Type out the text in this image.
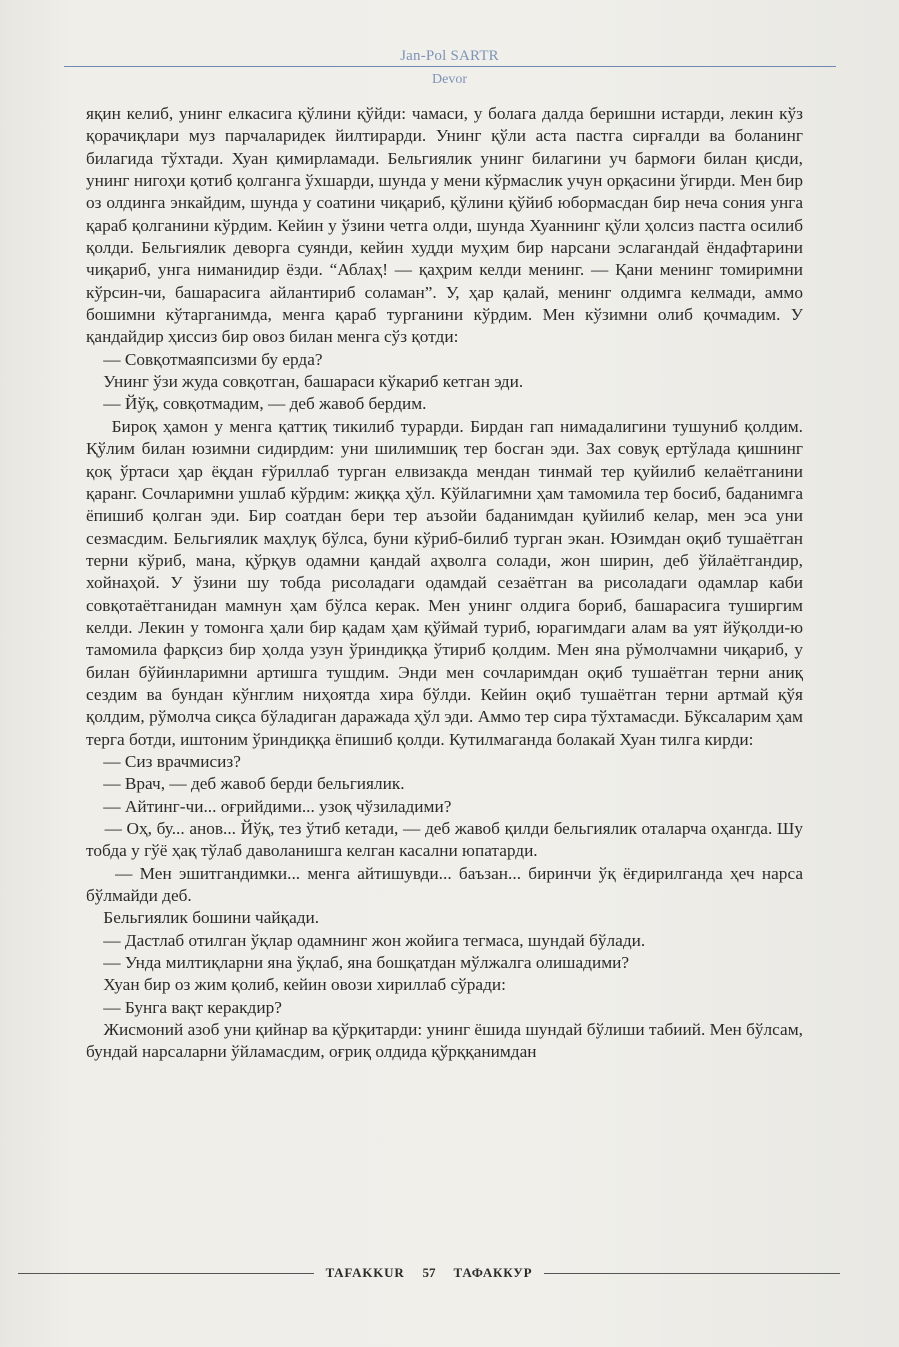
Jan-Pol SARTR
Devor

яқин келиб, унинг елкасига қўлини қўйди: чамаси, у болага далда беришни истарди, лекин кўз қорачиқлари муз парчаларидек йилтирарди. Унинг қўли аста пастга сирғалди ва боланинг билагида тўхтади. Хуан қимирламади. Бельгиялик унинг билагини уч бармоғи билан қисди, унинг нигоҳи қотиб қолганга ўхшарди, шунда у мени кўрмаслик учун орқасини ўгирди. Мен бир оз олдинга энкайдим, шунда у соатини чиқариб, қўлини қўйиб юбормасдан бир неча сония унга қараб қолганини кўрдим. Кейин у ўзини четга олди, шунда Хуаннинг қўли ҳолсиз пастга осилиб қолди. Бельгиялик деворга суянди, кейин худди муҳим бир нарсани эслагандай ёндафтарини чиқариб, унга ниманидир ёзди. “Аблаҳ! — қаҳрим келди менинг. — Қани менинг томиримни кўрсин-чи, башарасига айлантириб соламан”. У, ҳар қалай, менинг олдимга келмади, аммо бошимни кўтарганимда, менга қараб турганини кўрдим. Мен кўзимни олиб қочмадим. У қандайдир ҳиссиз бир овоз билан менга сўз қотди:

— Совқотмаяпсизми бу ерда?

Унинг ўзи жуда совқотган, башараси кўкариб кетган эди.

— Йўқ, совқотмадим, — деб жавоб бердим.

Бироқ ҳамон у менга қаттиқ тикилиб турарди. Бирдан гап нимадалигини тушуниб қолдим. Қўлим билан юзимни сидирдим: уни шилимшиқ тер босган эди. Зах совуқ ертўлада қишнинг қоқ ўртаси ҳар ёқдан ғўриллаб турган елвизакда мендан тинмай тер қуйилиб келаётганини қаранг. Сочларимни ушлаб кўрдим: жиққа ҳўл. Кўйлагимни ҳам тамомила тер босиб, баданимга ёпишиб қолган эди. Бир соатдан бери тер аъзойи баданимдан қуйилиб келар, мен эса уни сезмасдим. Бельгиялик маҳлуқ бўлса, буни кўриб-билиб турган экан. Юзимдан оқиб тушаётган терни кўриб, мана, қўрқув одамни қандай аҳволга солади, жон ширин, деб ўйлаётгандир, хойнаҳой. У ўзини шу тобда рисоладаги одамдай сезаётган ва рисоладаги одамлар каби совқотаётганидан мамнун ҳам бўлса керак. Мен унинг олдига бориб, башарасига туширгим келди. Лекин у томонга ҳали бир қадам ҳам қўймай туриб, юрагимдаги алам ва уят йўқолди-ю тамомила фарқсиз бир ҳолда узун ўриндиққа ўтириб қолдим. Мен яна рўмолчамни чиқариб, у билан бўйинларимни артишга тушдим. Энди мен сочларимдан оқиб тушаётган терни аниқ сездим ва бундан кўнглим ниҳоятда хира бўлди. Кейин оқиб тушаётган терни артмай қўя қолдим, рўмолча сиқса бўладиган даражада ҳўл эди. Аммо тер сира тўхтамасди. Бўксаларим ҳам терга ботди, иштоним ўриндиққа ёпишиб қолди. Кутилмаганда болакай Хуан тилга кирди:

— Сиз врачмисиз?

— Врач, — деб жавоб берди бельгиялик.

— Айтинг-чи... оғрийдими... узоқ чўзиладими?

— Оҳ, бу... анов... Йўқ, тез ўтиб кетади, — деб жавоб қилди бельгиялик оталарча оҳангда. Шу тобда у гўё ҳақ тўлаб даволанишга келган касални юпатарди.

— Мен эшитгандимки... менга айтишувди... баъзан... биринчи ўқ ёғдирилганда ҳеч нарса бўлмайди деб.

Бельгиялик бошини чайқади.

— Дастлаб отилган ўқлар одамнинг жон жойига тегмаса, шундай бўлади.

— Унда милтиқларни яна ўқлаб, яна бошқатдан мўлжалга олишадими?

Хуан бир оз жим қолиб, кейин овози хириллаб сўради:

— Бунга вақт керакдир?

Жисмоний азоб уни қийнар ва қўрқитарди: унинг ёшида шундай бўлиши табиий. Мен бўлсам, бундай нарсаларни ўйламасдим, оғриқ олдида қўрққанимдан

TAFAKKUR	57	ТАФАККУР
